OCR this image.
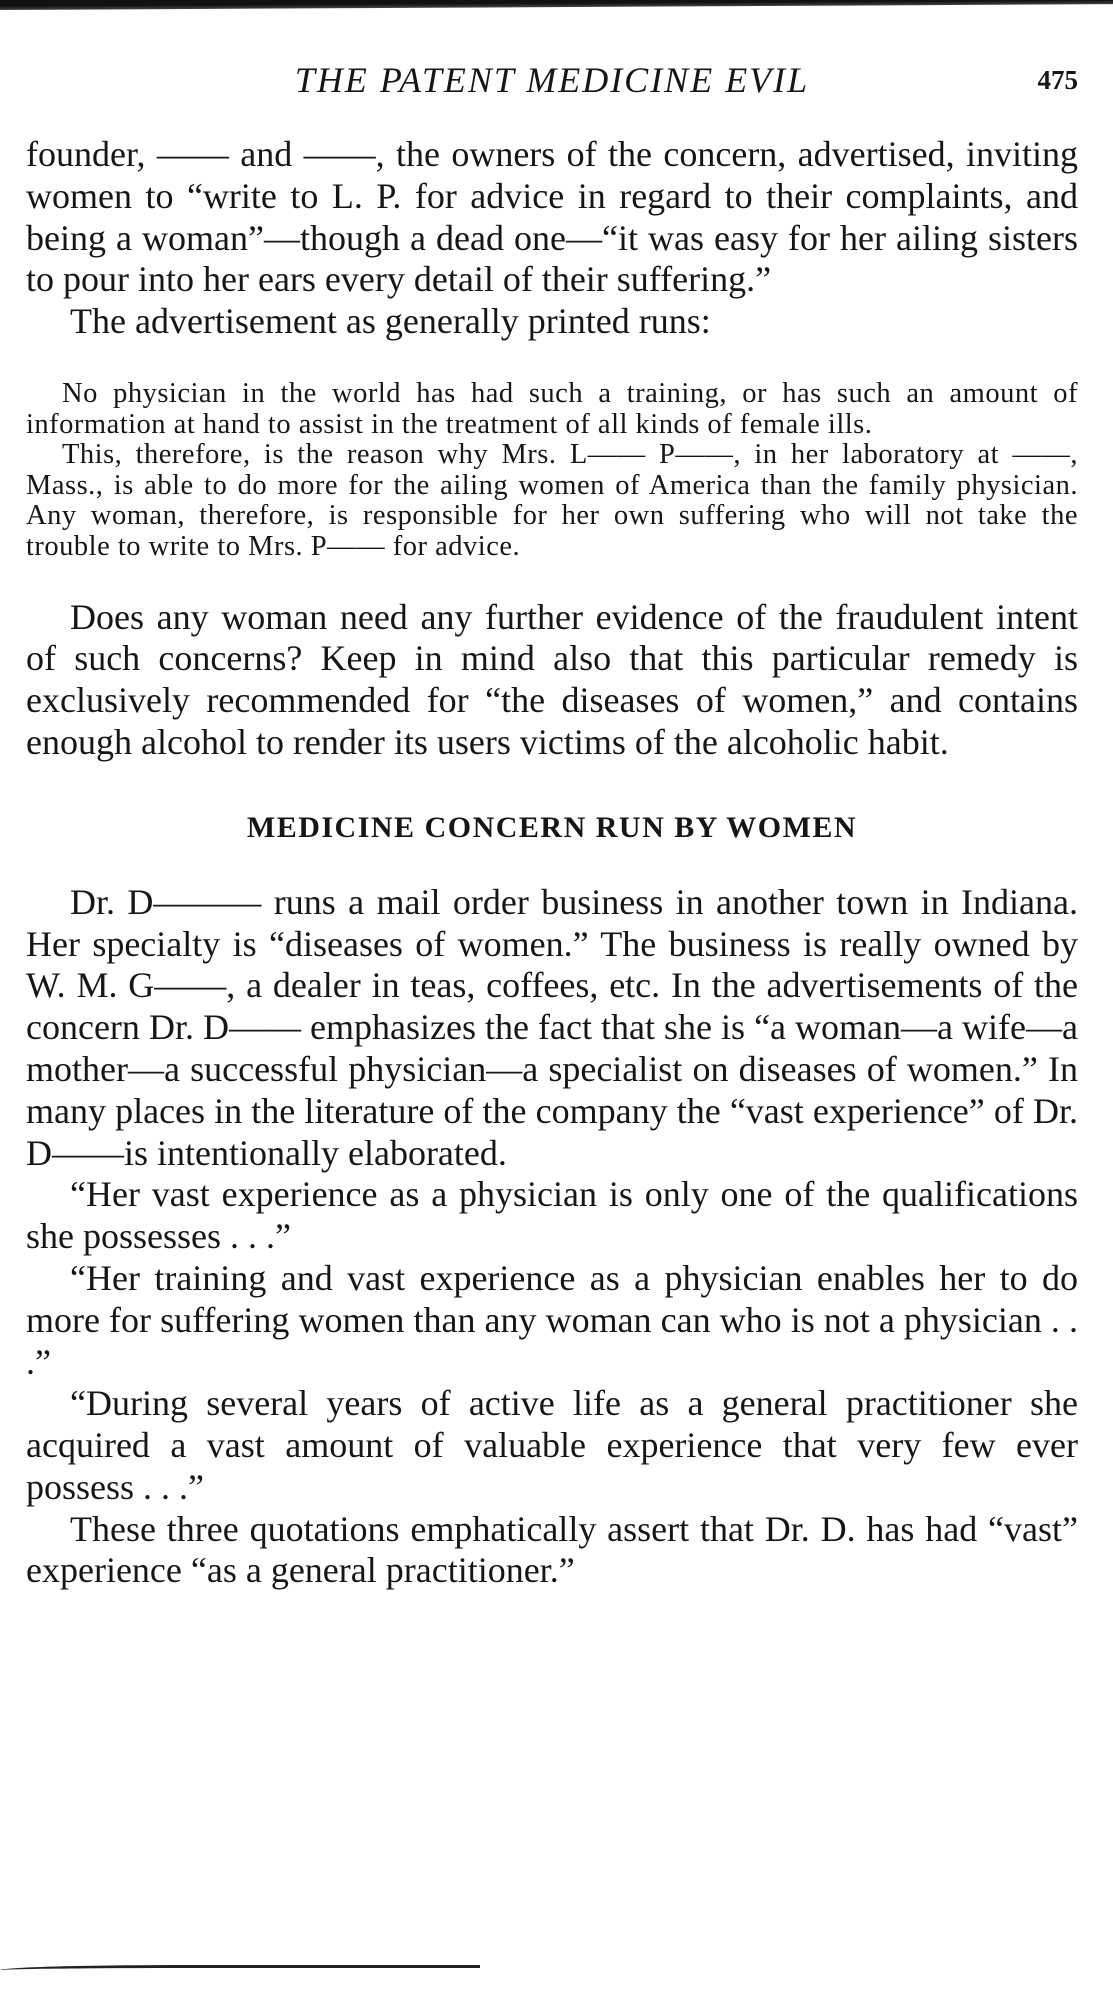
THE PATENT MEDICINE EVIL	475

founder, —— and ——, the owners of the concern, advertised, inviting women to “write to L. P. for advice in regard to their complaints, and being a woman”—though a dead one—“it was easy for her ailing sisters to pour into her ears every detail of their suffering.”

The advertisement as generally printed runs:

No physician in the world has had such a training, or has such an amount of information at hand to assist in the treatment of all kinds of female ills.

This, therefore, is the reason why Mrs. L—— P——, in her laboratory at ——, Mass., is able to do more for the ailing women of America than the family physician. Any woman, therefore, is responsible for her own suffering who will not take the trouble to write to Mrs. P—— for advice.

Does any woman need any further evidence of the fraudulent intent of such concerns? Keep in mind also that this particular remedy is exclusively recommended for “the diseases of women,” and contains enough alcohol to render its users victims of the alcoholic habit.

MEDICINE CONCERN RUN BY WOMEN

Dr. D——— runs a mail order business in another town in Indiana. Her specialty is “diseases of women.” The business is really owned by W. M. G——, a dealer in teas, coffees, etc. In the advertisements of the concern Dr. D—— emphasizes the fact that she is “a woman—a wife—a mother—a successful physician—a specialist on diseases of women.” In many places in the literature of the company the “vast experience” of Dr. D——is intentionally elaborated.

“Her vast experience as a physician is only one of the qualifications she possesses . . .”

“Her training and vast experience as a physician enables her to do more for suffering women than any woman can who is not a physician . . .”

“During several years of active life as a general practitioner she acquired a vast amount of valuable experience that very few ever possess . . .”

These three quotations emphatically assert that Dr. D. has had “vast” experience “as a general practitioner.”
